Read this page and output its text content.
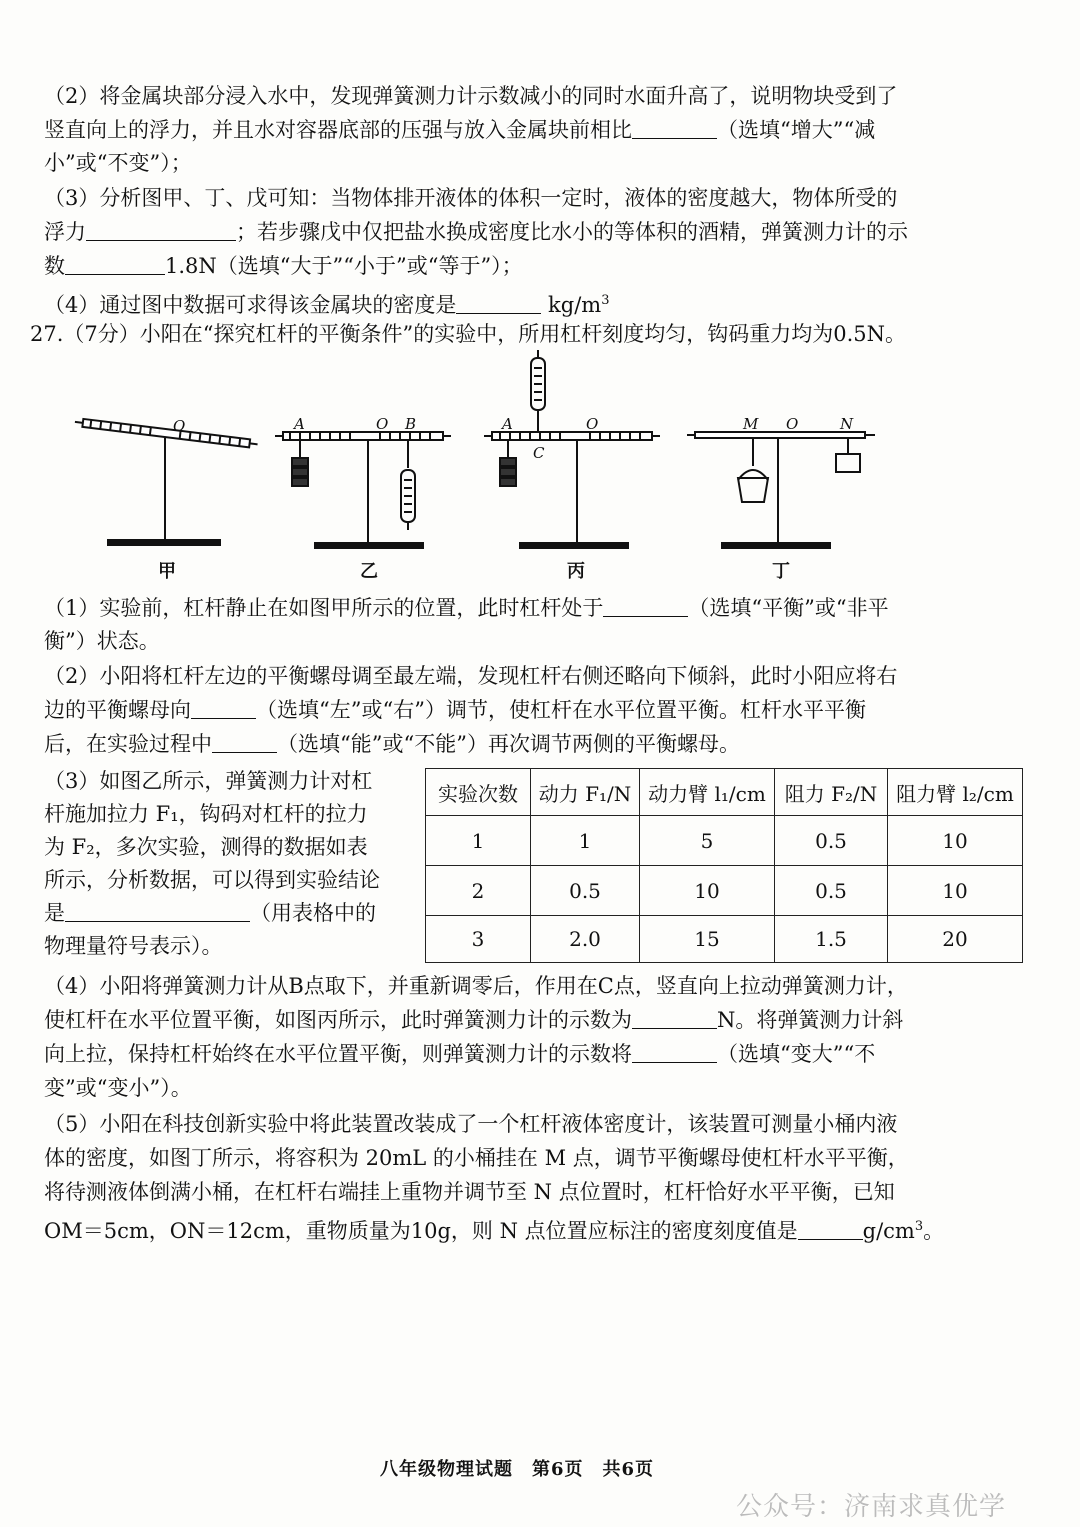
（2）将金属块部分浸入水中，发现弹簧测力计示数减小的同时水面升高了，说明物块受到了
竖直向上的浮力，并且水对容器底部的压强与放入金属块前相比	（选填“增大”“减
小”或“不变”）；
（3）分析图甲、丁、戊可知：当物体排开液体的体积一定时，液体的密度越大，物体所受的
浮力	；若步骤戊中仅把盐水换成密度比水小的等体积的酒精，弹簧测力计的示
数	1.8N（选填“大于”“小于”或“等于”）；
（4）通过图中数据可求得该金属块的密度是	$kg/m^3$
27.（7分）小阳在“探究杠杆的平衡条件”的实验中，所用杠杆刻度均匀，钩码重力均为0.5N。
O	A	O B	A	O
C
M O	N
甲	乙	丙	丁
（1）实验前，杠杆静止在如图甲所示的位置，此时杠杆处于	（选填“平衡”或“非平
衡”）状态。
（2）小阳将杠杆左边的平衡螺母调至最左端，发现杠杆右侧还略向下倾斜，此时小阳应将右
边的平衡螺母向	（选填“左”或“右”）调节，使杠杆在水平位置平衡。杠杆水平平衡
后，在实验过程中	（选填“能”或“不能”）再次调节两侧的平衡螺母。
（3）如图乙所示，弹簧测力计对杠
杆施加拉力 F₁，钩码对杠杆的拉力
为 F₂，多次实验，测得的数据如表
所示，分析数据，可以得到实验结论
是	（用表格中的
物理量符号表示）。
实验次数	动力 F₁/N	动力臂 l₁/cm	阻力 F₂/N	阻力臂 l₂/cm
1	1	5	0.5	10
2	0.5	10	0.5	10
3	2.0	15	1.5	20
（4）小阳将弹簧测力计从B点取下，并重新调零后，作用在C点，竖直向上拉动弹簧测力计，
使杠杆在水平位置平衡，如图丙所示，此时弹簧测力计的示数为	N。将弹簧测力计斜
向上拉，保持杠杆始终在水平位置平衡，则弹簧测力计的示数将	（选填“变大”“不
变”或“变小”）。
（5）小阳在科技创新实验中将此装置改装成了一个杠杆液体密度计，该装置可测量小桶内液
体的密度，如图丁所示，将容积为 20mL 的小桶挂在 M 点，调节平衡螺母使杠杆水平平衡，
将待测液体倒满小桶，在杠杆右端挂上重物并调节至 N 点位置时，杠杆恰好水平平衡，已知
OM＝5cm，ON＝12cm，重物质量为10g，则 N 点位置应标注的密度刻度值是	$g/cm^3$。
八年级物理试题　第6页　共6页
公众号：济南求真优学
